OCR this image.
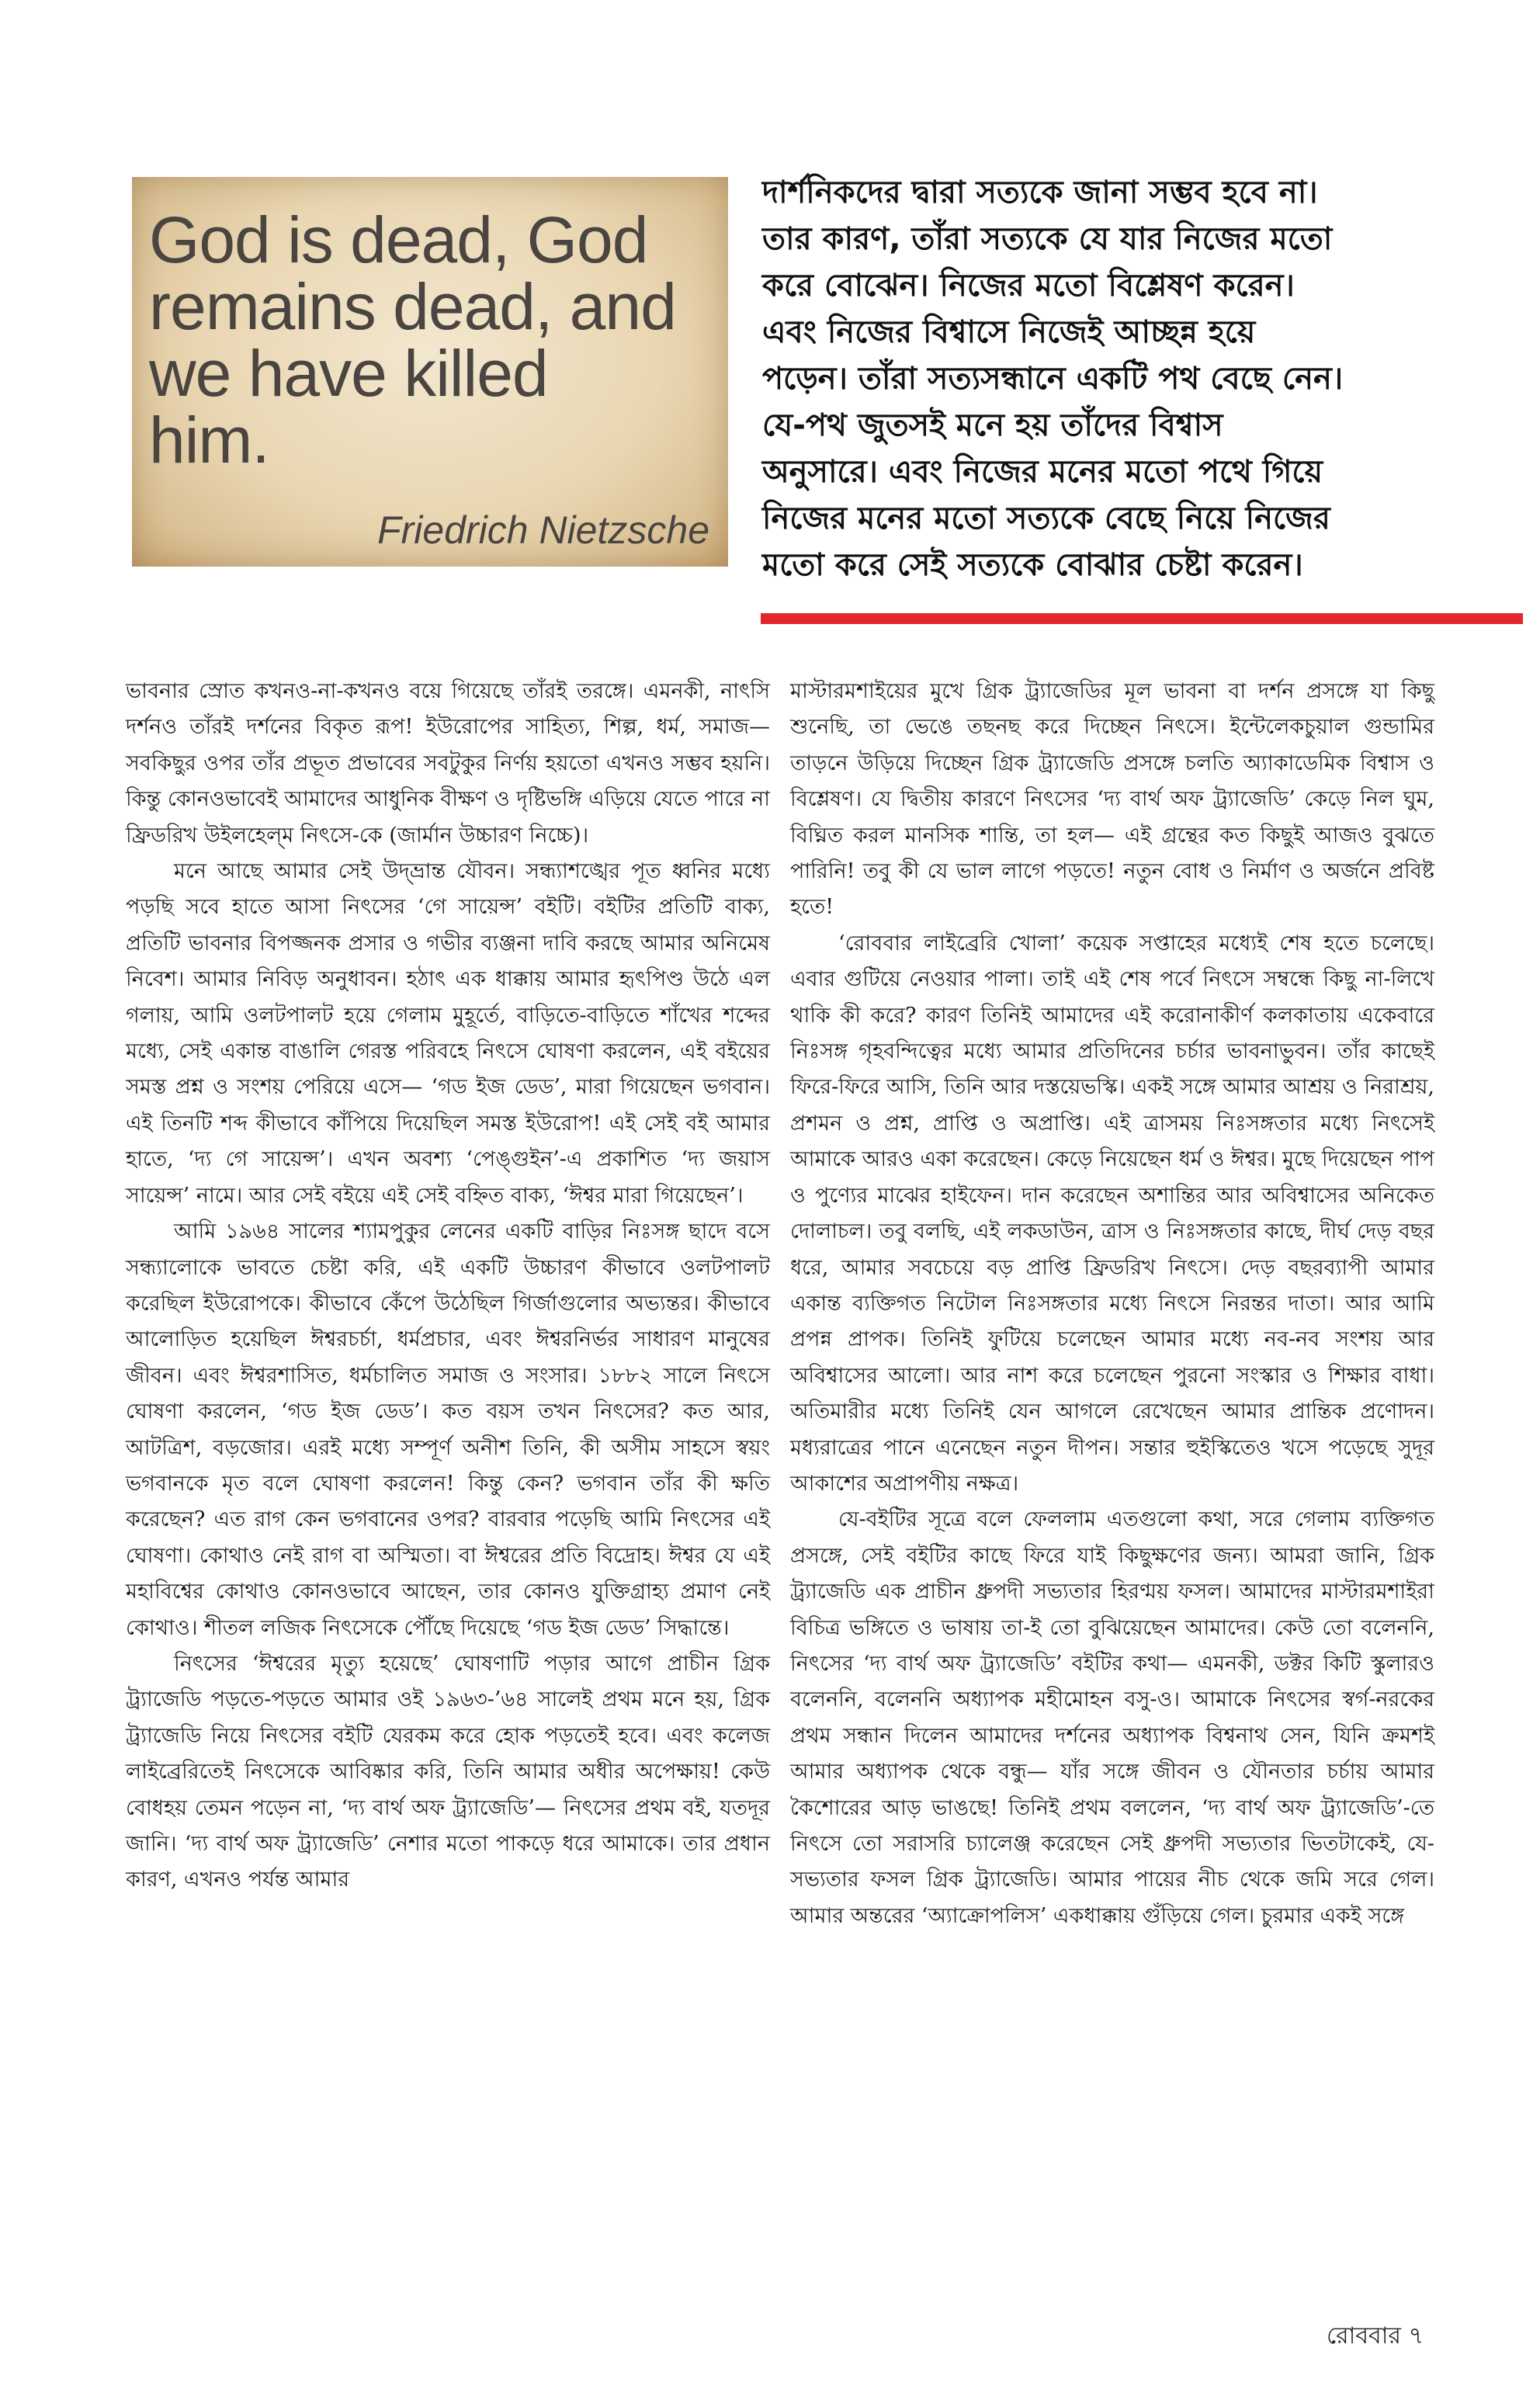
God is dead, God
remains dead, and
we have killed
him.
Friedrich Nietzsche
দার্শনিকদের দ্বারা সত্যকে জানা সম্ভব হবে না।
তার কারণ, তাঁরা সত্যকে যে যার নিজের মতো
করে বোঝেন। নিজের মতো বিশ্লেষণ করেন।
এবং নিজের বিশ্বাসে নিজেই আচ্ছন্ন হয়ে
পড়েন। তাঁরা সত্যসন্ধানে একটি পথ বেছে নেন।
যে-পথ জুতসই মনে হয় তাঁদের বিশ্বাস
অনুসারে। এবং নিজের মনের মতো পথে গিয়ে
নিজের মনের মতো সত্যকে বেছে নিয়ে নিজের
মতো করে সেই সত্যকে বোঝার চেষ্টা করেন।

ভাবনার স্রোত কখনও-না-কখনও বয়ে গিয়েছে তাঁরই তরঙ্গে। এমনকী, নাৎসি দর্শনও তাঁরই দর্শনের বিকৃত রূপ! ইউরোপের সাহিত্য, শিল্প, ধর্ম, সমাজ— সবকিছুর ওপর তাঁর প্রভূত প্রভাবের সবটুকুর নির্ণয় হয়তো এখনও সম্ভব হয়নি। কিন্তু কোনওভাবেই আমাদের আধুনিক বীক্ষণ ও দৃষ্টিভঙ্গি এড়িয়ে যেতে পারে না ফ্রিডরিখ উইলহেল্‌ম নিৎসে-কে (জার্মান উচ্চারণ নিচ্চে)।

মনে আছে আমার সেই উদ্‌ভ্রান্ত যৌবন। সন্ধ্যাশঙ্খের পূত ধ্বনির মধ্যে পড়ছি সবে হাতে আসা নিৎসের ‘গে সায়েন্স’ বইটি। বইটির প্রতিটি বাক্য, প্রতিটি ভাবনার বিপজ্জনক প্রসার ও গভীর ব্যঞ্জনা দাবি করছে আমার অনিমেষ নিবেশ। আমার নিবিড় অনুধাবন। হঠাৎ এক ধাক্কায় আমার হৃৎপিণ্ড উঠে এল গলায়, আমি ওলটপালট হয়ে গেলাম মুহূর্তে, বাড়িতে-বাড়িতে শাঁখের শব্দের মধ্যে, সেই একান্ত বাঙালি গেরস্ত পরিবহে নিৎসে ঘোষণা করলেন, এই বইয়ের সমস্ত প্রশ্ন ও সংশয় পেরিয়ে এসে— ‘গড ইজ ডেড’, মারা গিয়েছেন ভগবান। এই তিনটি শব্দ কীভাবে কাঁপিয়ে দিয়েছিল সমস্ত ইউরোপ! এই সেই বই আমার হাতে, ‘দ্য গে সায়েন্স’। এখন অবশ্য ‘পেঙ্গুইন’-এ প্রকাশিত ‘দ্য জয়াস সায়েন্স’ নামে। আর সেই বইয়ে এই সেই বহ্নিত বাক্য, ‘ঈশ্বর মারা গিয়েছেন’।

আমি ১৯৬৪ সালের শ্যামপুকুর লেনের একটি বাড়ির নিঃসঙ্গ ছাদে বসে সন্ধ্যালোকে ভাবতে চেষ্টা করি, এই একটি উচ্চারণ কীভাবে ওলটপালট করেছিল ইউরোপকে। কীভাবে কেঁপে উঠেছিল গির্জাগুলোর অভ্যন্তর। কীভাবে আলোড়িত হয়েছিল ঈশ্বরচর্চা, ধর্মপ্রচার, এবং ঈশ্বরনির্ভর সাধারণ মানুষের জীবন। এবং ঈশ্বরশাসিত, ধর্মচালিত সমাজ ও সংসার। ১৮৮২ সালে নিৎসে ঘোষণা করলেন, ‘গড ইজ ডেড’। কত বয়স তখন নিৎসের? কত আর, আটত্রিশ, বড়জোর। এরই মধ্যে সম্পূর্ণ অনীশ তিনি, কী অসীম সাহসে স্বয়ং ভগবানকে মৃত বলে ঘোষণা করলেন! কিন্তু কেন? ভগবান তাঁর কী ক্ষতি করেছেন? এত রাগ কেন ভগবানের ওপর? বারবার পড়েছি আমি নিৎসের এই ঘোষণা। কোথাও নেই রাগ বা অস্মিতা। বা ঈশ্বরের প্রতি বিদ্রোহ। ঈশ্বর যে এই মহাবিশ্বের কোথাও কোনওভাবে আছেন, তার কোনও যুক্তিগ্রাহ্য প্রমাণ নেই কোথাও। শীতল লজিক নিৎসেকে পৌঁছে দিয়েছে ‘গড ইজ ডেড’ সিদ্ধান্তে।

নিৎসের ‘ঈশ্বরের মৃত্যু হয়েছে’ ঘোষণাটি পড়ার আগে প্রাচীন গ্রিক ট্র্যাজেডি পড়তে-পড়তে আমার ওই ১৯৬৩-’৬৪ সালেই প্রথম মনে হয়, গ্রিক ট্র্যাজেডি নিয়ে নিৎসের বইটি যেরকম করে হোক পড়তেই হবে। এবং কলেজ লাইব্রেরিতেই নিৎসেকে আবিষ্কার করি, তিনি আমার অধীর অপেক্ষায়! কেউ বোধহয় তেমন পড়েন না, ‘দ্য বার্থ অফ ট্র্যাজেডি’— নিৎসের প্রথম বই, যতদূর জানি। ‘দ্য বার্থ অফ ট্র্যাজেডি’ নেশার মতো পাকড়ে ধরে আমাকে। তার প্রধান কারণ, এখনও পর্যন্ত আমার

মাস্টারমশাইয়ের মুখে গ্রিক ট্র্যাজেডির মূল ভাবনা বা দর্শন প্রসঙ্গে যা কিছু শুনেছি, তা ভেঙে তছনছ করে দিচ্ছেন নিৎসে। ইন্টেলেকচুয়াল গুন্ডামির তাড়নে উড়িয়ে দিচ্ছেন গ্রিক ট্র্যাজেডি প্রসঙ্গে চলতি অ্যাকাডেমিক বিশ্বাস ও বিশ্লেষণ। যে দ্বিতীয় কারণে নিৎসের ‘দ্য বার্থ অফ ট্র্যাজেডি’ কেড়ে নিল ঘুম, বিঘ্নিত করল মানসিক শান্তি, তা হল— এই গ্রন্থের কত কিছুই আজও বুঝতে পারিনি! তবু কী যে ভাল লাগে পড়তে! নতুন বোধ ও নির্মাণ ও অর্জনে প্রবিষ্ট হতে!

‘রোববার লাইব্রেরি খোলা’ কয়েক সপ্তাহের মধ্যেই শেষ হতে চলেছে। এবার গুটিয়ে নেওয়ার পালা। তাই এই শেষ পর্বে নিৎসে সম্বন্ধে কিছু না-লিখে থাকি কী করে? কারণ তিনিই আমাদের এই করোনাকীর্ণ কলকাতায় একেবারে নিঃসঙ্গ গৃহবন্দিত্বের মধ্যে আমার প্রতিদিনের চর্চার ভাবনাভুবন। তাঁর কাছেই ফিরে-ফিরে আসি, তিনি আর দস্তয়েভস্কি। একই সঙ্গে আমার আশ্রয় ও নিরাশ্রয়, প্রশমন ও প্রশ্ন, প্রাপ্তি ও অপ্রাপ্তি। এই ত্রাসময় নিঃসঙ্গতার মধ্যে নিৎসেই আমাকে আরও একা করেছেন। কেড়ে নিয়েছেন ধর্ম ও ঈশ্বর। মুছে দিয়েছেন পাপ ও পুণ্যের মাঝের হাইফেন। দান করেছেন অশান্তির আর অবিশ্বাসের অনিকেত দোলাচল। তবু বলছি, এই লকডাউন, ত্রাস ও নিঃসঙ্গতার কাছে, দীর্ঘ দেড় বছর ধরে, আমার সবচেয়ে বড় প্রাপ্তি ফ্রিডরিখ নিৎসে। দেড় বছরব্যাপী আমার একান্ত ব্যক্তিগত নিটোল নিঃসঙ্গতার মধ্যে নিৎসে নিরন্তর দাতা। আর আমি প্রপন্ন প্রাপক। তিনিই ফুটিয়ে চলেছেন আমার মধ্যে নব-নব সংশয় আর অবিশ্বাসের আলো। আর নাশ করে চলেছেন পুরনো সংস্কার ও শিক্ষার বাধা। অতিমারীর মধ্যে তিনিই যেন আগলে রেখেছেন আমার প্রান্তিক প্রণোদন। মধ্যরাত্রের পানে এনেছেন নতুন দীপন। সন্তার হুইস্কিতেও খসে পড়েছে সুদূর আকাশের অপ্রাপণীয় নক্ষত্র।

যে-বইটির সূত্রে বলে ফেললাম এতগুলো কথা, সরে গেলাম ব্যক্তিগত প্রসঙ্গে, সেই বইটির কাছে ফিরে যাই কিছুক্ষণের জন্য। আমরা জানি, গ্রিক ট্র্যাজেডি এক প্রাচীন ধ্রুপদী সভ্যতার হিরণ্ময় ফসল। আমাদের মাস্টারমশাইরা বিচিত্র ভঙ্গিতে ও ভাষায় তা-ই তো বুঝিয়েছেন আমাদের। কেউ তো বলেননি, নিৎসের ‘দ্য বার্থ অফ ট্র্যাজেডি’ বইটির কথা— এমনকী, ডক্টর কিটি স্কুলারও বলেননি, বলেননি অধ্যাপক মহীমোহন বসু-ও। আমাকে নিৎসের স্বর্গ-নরকের প্রথম সন্ধান দিলেন আমাদের দর্শনের অধ্যাপক বিশ্বনাথ সেন, যিনি ক্রমশই আমার অধ্যাপক থেকে বন্ধু— যাঁর সঙ্গে জীবন ও যৌনতার চর্চায় আমার কৈশোরের আড় ভাঙছে! তিনিই প্রথম বললেন, ‘দ্য বার্থ অফ ট্র্যাজেডি’-তে নিৎসে তো সরাসরি চ্যালেঞ্জ করেছেন সেই ধ্রুপদী সভ্যতার ভিতটাকেই, যে-সভ্যতার ফসল গ্রিক ট্র্যাজেডি। আমার পায়ের নীচ থেকে জমি সরে গেল। আমার অন্তরের ‘অ্যাক্রোপলিস’ একধাক্কায় গুঁড়িয়ে গেল। চুরমার একই সঙ্গে

রোববার ৭
